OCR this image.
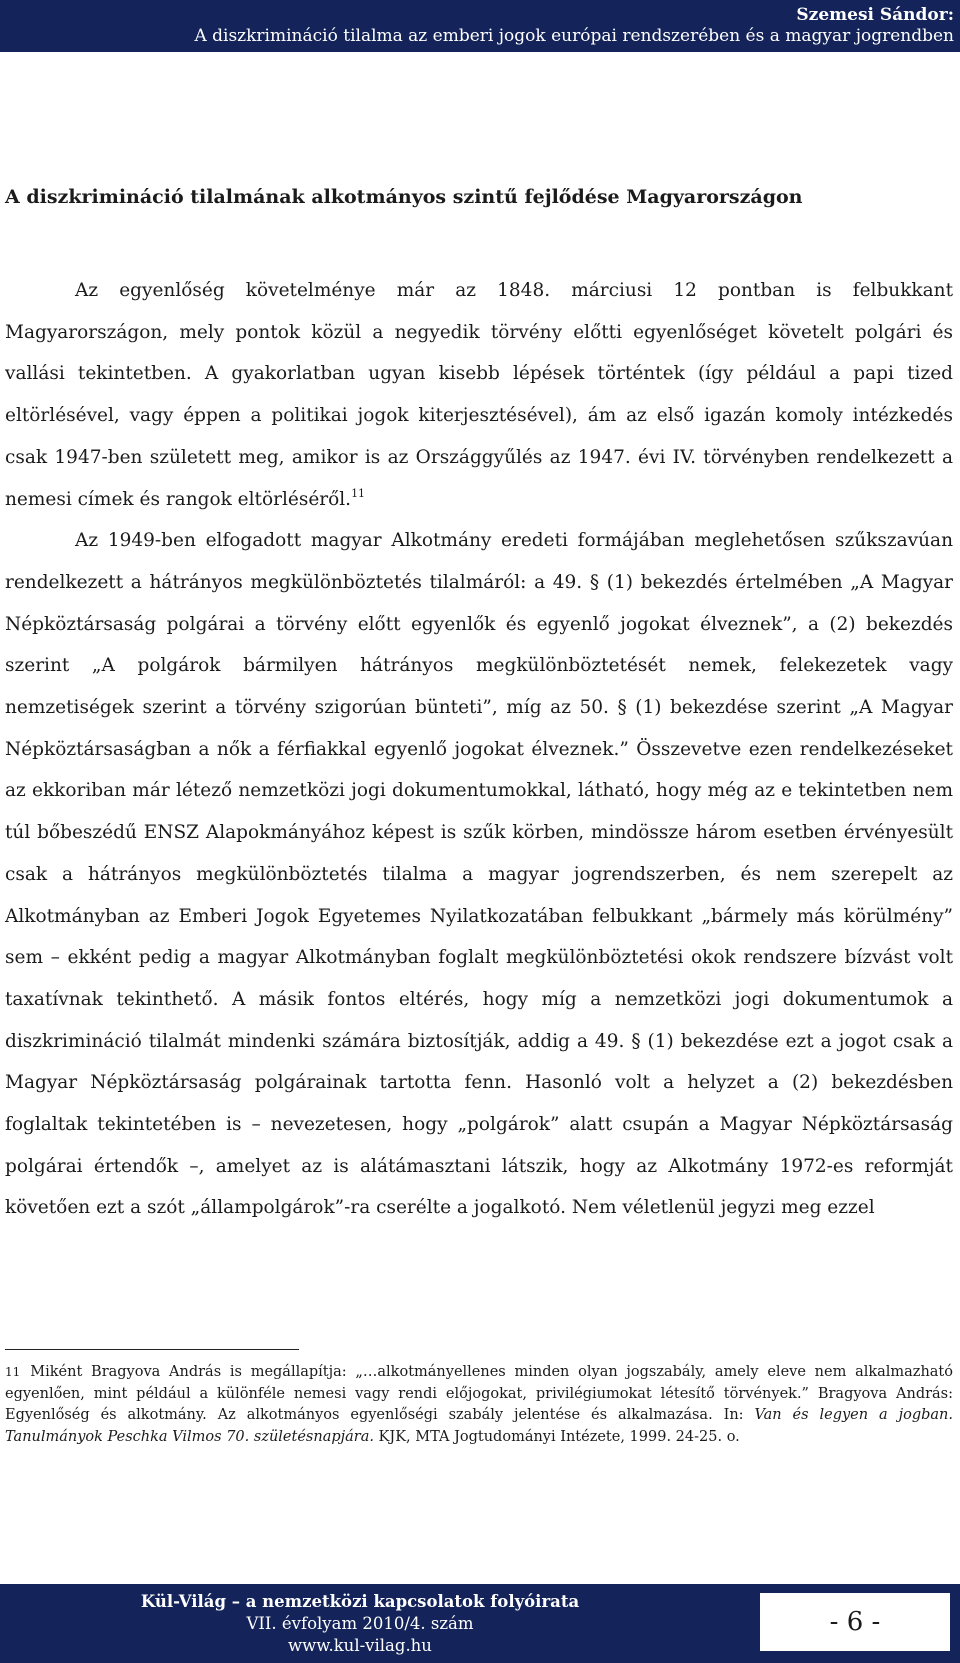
Szemesi Sándor:
A diszkrimináció tilalma az emberi jogok európai rendszerében és a magyar jogrendben
A diszkrimináció tilalmának alkotmányos szintű fejlődése Magyarországon

Az egyenlőség követelménye már az 1848. márciusi 12 pontban is felbukkant Magyarországon, mely pontok közül a negyedik törvény előtti egyenlőséget követelt polgári és vallási tekintetben. A gyakorlatban ugyan kisebb lépések történtek (így például a papi tized eltörlésével, vagy éppen a politikai jogok kiterjesztésével), ám az első igazán komoly intézkedés csak 1947-ben született meg, amikor is az Országgyűlés az 1947. évi IV. törvényben rendelkezett a nemesi címek és rangok eltörléséről.$^{11}$

Az 1949-ben elfogadott magyar Alkotmány eredeti formájában meglehetősen szűkszavúan rendelkezett a hátrányos megkülönböztetés tilalmáról: a 49. § (1) bekezdés értelmében „A Magyar Népköztársaság polgárai a törvény előtt egyenlők és egyenlő jogokat élveznek”, a (2) bekezdés szerint „A polgárok bármilyen hátrányos megkülönböztetését nemek, felekezetek vagy nemzetiségek szerint a törvény szigorúan bünteti”, míg az 50. § (1) bekezdése szerint „A Magyar Népköztársaságban a nők a férfiakkal egyenlő jogokat élveznek.” Összevetve ezen rendelkezéseket az ekkoriban már létező nemzetközi jogi dokumentumokkal, látható, hogy még az e tekintetben nem túl bőbeszédű ENSZ Alapokmányához képest is szűk körben, mindössze három esetben érvényesült csak a hátrányos megkülönböztetés tilalma a magyar jogrendszerben, és nem szerepelt az Alkotmányban az Emberi Jogok Egyetemes Nyilatkozatában felbukkant „bármely más körülmény” sem – ekként pedig a magyar Alkotmányban foglalt megkülönböztetési okok rendszere bízvást volt taxatívnak tekinthető. A másik fontos eltérés, hogy míg a nemzetközi jogi dokumentumok a diszkrimináció tilalmát mindenki számára biztosítják, addig a 49. § (1) bekezdése ezt a jogot csak a Magyar Népköztársaság polgárainak tartotta fenn. Hasonló volt a helyzet a (2) bekezdésben foglaltak tekintetében is – nevezetesen, hogy „polgárok” alatt csupán a Magyar Népköztársaság polgárai értendők –, amelyet az is alátámasztani látszik, hogy az Alkotmány 1972-es reformját követően ezt a szót „állampolgárok”-ra cserélte a jogalkotó. Nem véletlenül jegyzi meg ezzel

11 Miként Bragyova András is megállapítja: „…alkotmányellenes minden olyan jogszabály, amely eleve nem alkalmazható egyenlően, mint például a különféle nemesi vagy rendi előjogokat, privilégiumokat létesítő törvények.” Bragyova András: Egyenlőség és alkotmány. Az alkotmányos egyenlőségi szabály jelentése és alkalmazása. In: Van és legyen a jogban. Tanulmányok Peschka Vilmos 70. születésnapjára. KJK, MTA Jogtudományi Intézete, 1999. 24-25. o.

Kül-Világ – a nemzetközi kapcsolatok folyóirata
VII. évfolyam 2010/4. szám
www.kul-vilag.hu
- 6 -
